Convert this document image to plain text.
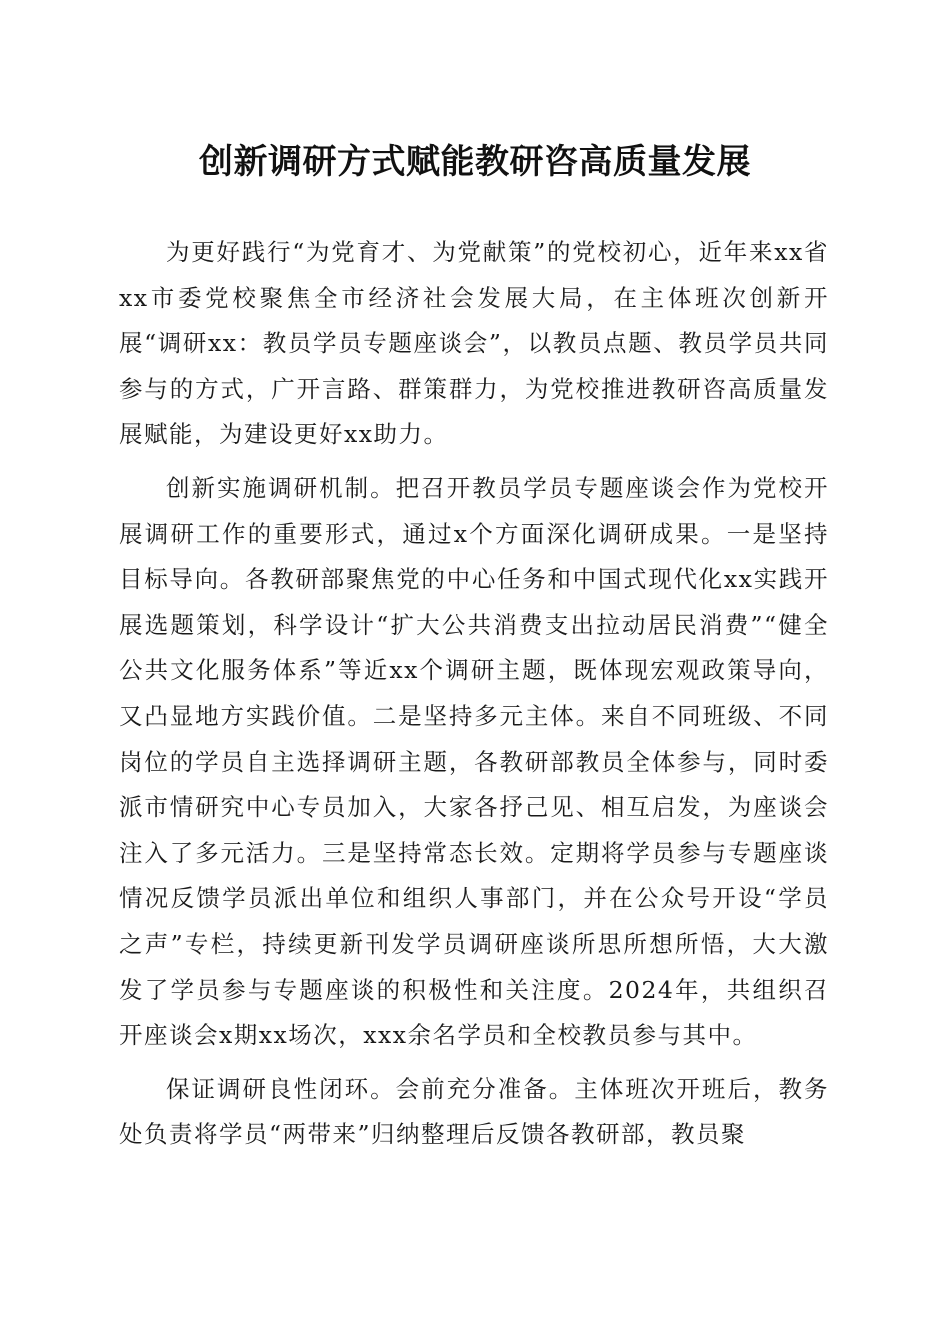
创新调研方式赋能教研咨高质量发展

为更好践行“为党育才、为党献策”的党校初心，近年来xx省xx市委党校聚焦全市经济社会发展大局，在主体班次创新开展“调研xx：教员学员专题座谈会”，以教员点题、教员学员共同参与的方式，广开言路、群策群力，为党校推进教研咨高质量发展赋能，为建设更好xx助力。

创新实施调研机制。把召开教员学员专题座谈会作为党校开展调研工作的重要形式，通过x个方面深化调研成果。一是坚持目标导向。各教研部聚焦党的中心任务和中国式现代化xx实践开展选题策划，科学设计“扩大公共消费支出拉动居民消费”“健全公共文化服务体系”等近xx个调研主题，既体现宏观政策导向，又凸显地方实践价值。二是坚持多元主体。来自不同班级、不同岗位的学员自主选择调研主题，各教研部教员全体参与，同时委派市情研究中心专员加入，大家各抒己见、相互启发，为座谈会注入了多元活力。三是坚持常态长效。定期将学员参与专题座谈情况反馈学员派出单位和组织人事部门，并在公众号开设“学员之声”专栏，持续更新刊发学员调研座谈所思所想所悟，大大激发了学员参与专题座谈的积极性和关注度。2024年，共组织召开座谈会x期xx场次，xxx余名学员和全校教员参与其中。

保证调研良性闭环。会前充分准备。主体班次开班后，教务处负责将学员“两带来”归纳整理后反馈各教研部，教员聚
